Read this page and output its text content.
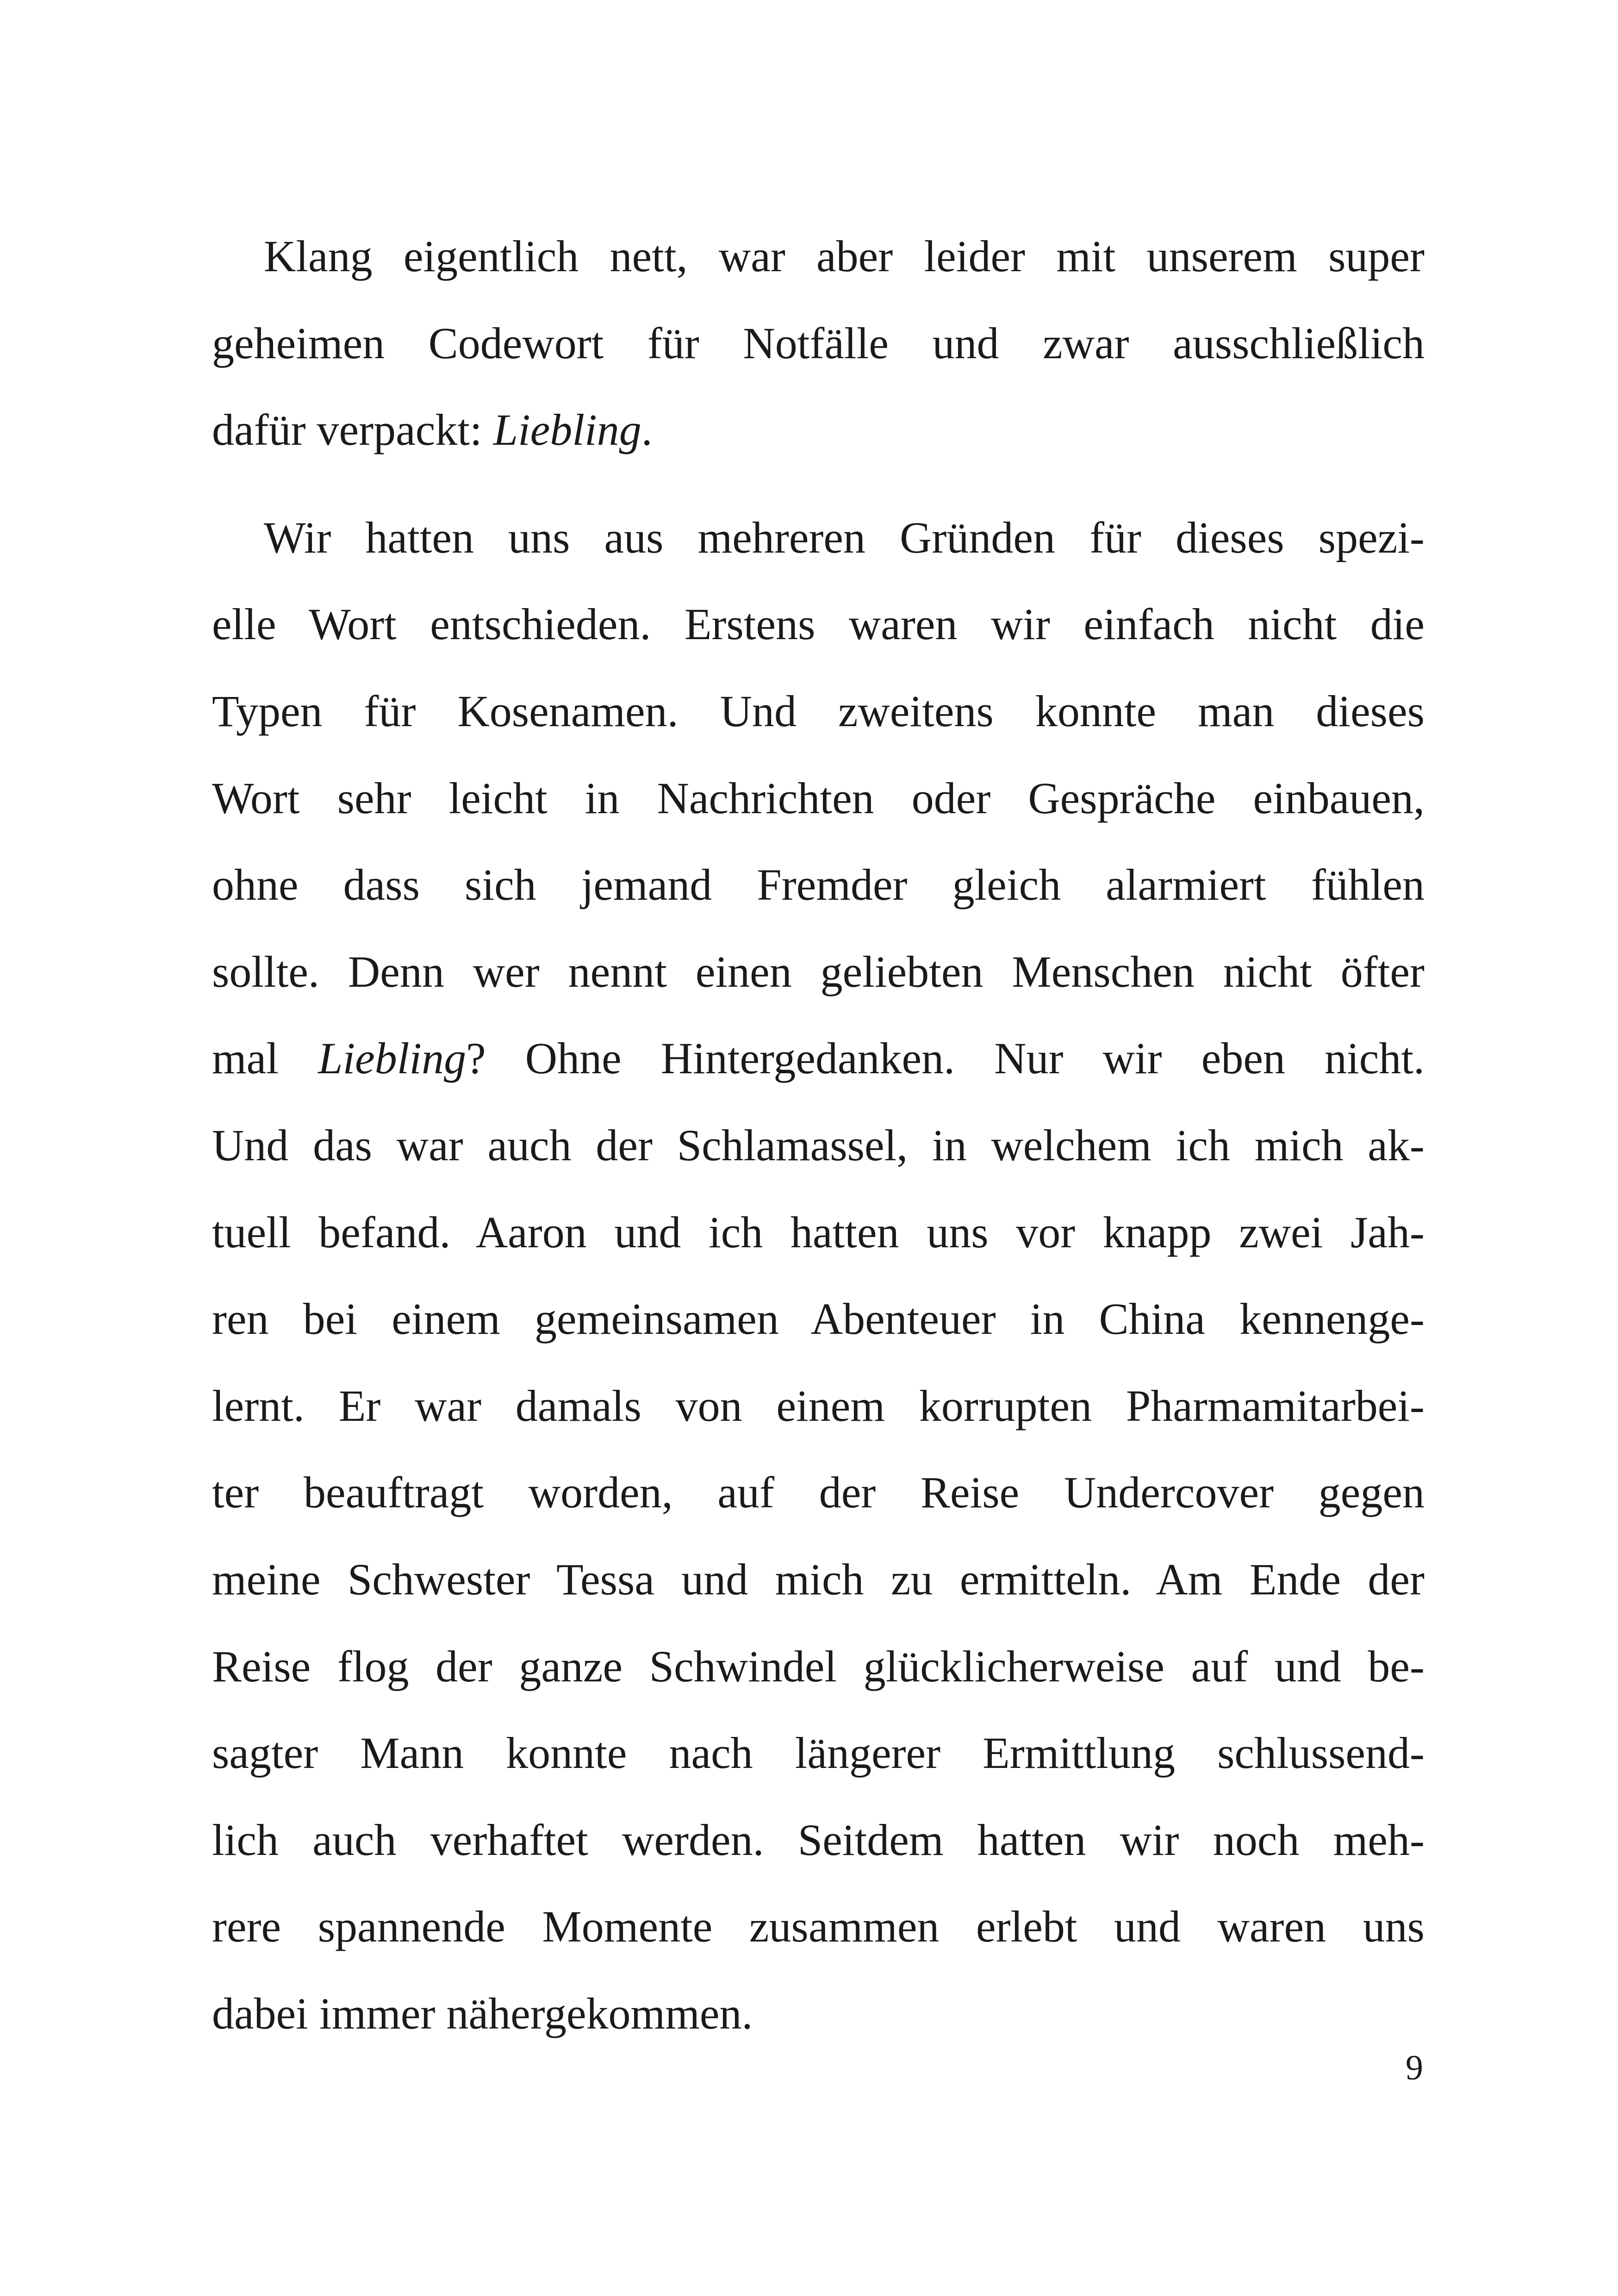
Klang eigentlich nett, war aber leider mit unserem super
geheimen Codewort für Notfälle und zwar ausschließlich
dafür verpackt: Liebling.
Wir hatten uns aus mehreren Gründen für dieses spezi-
elle Wort entschieden. Erstens waren wir einfach nicht die
Typen für Kosenamen. Und zweitens konnte man dieses
Wort sehr leicht in Nachrichten oder Gespräche einbauen,
ohne dass sich jemand Fremder gleich alarmiert fühlen
sollte. Denn wer nennt einen geliebten Menschen nicht öfter
mal Liebling? Ohne Hintergedanken. Nur wir eben nicht.
Und das war auch der Schlamassel, in welchem ich mich ak-
tuell befand. Aaron und ich hatten uns vor knapp zwei Jah-
ren bei einem gemeinsamen Abenteuer in China kennenge-
lernt. Er war damals von einem korrupten Pharmamitarbei-
ter beauftragt worden, auf der Reise Undercover gegen
meine Schwester Tessa und mich zu ermitteln. Am Ende der
Reise flog der ganze Schwindel glücklicherweise auf und be-
sagter Mann konnte nach längerer Ermittlung schlussend-
lich auch verhaftet werden. Seitdem hatten wir noch meh-
rere spannende Momente zusammen erlebt und waren uns
dabei immer nähergekommen.
9
